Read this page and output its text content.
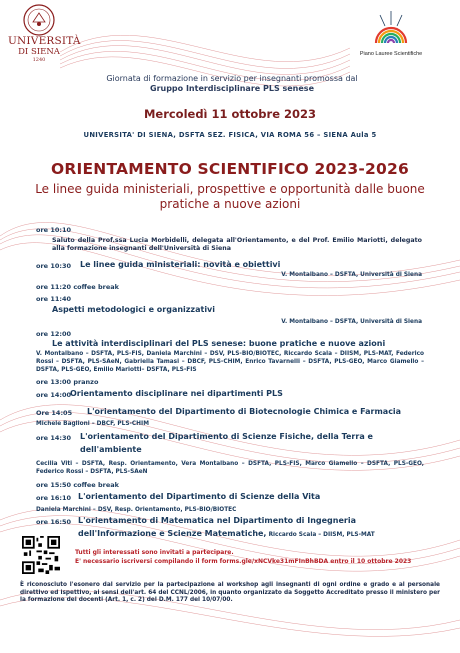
UNIVERSITÀ
DI SIENA
1240
Piano Lauree Scientifiche
Giornata di formazione in servizio per insegnanti promossa dal
Gruppo Interdisciplinare PLS senese
Mercoledì 11 ottobre 2023
UNIVERSITA' DI SIENA, DSFTA SEZ. FISICA, VIA ROMA 56 – SIENA Aula 5
ORIENTAMENTO SCIENTIFICO 2023-2026
Le linee guida ministeriali, prospettive e opportunità dalle buone pratiche a nuove azioni
ore 10:10
Saluto della Prof.ssa Lucia Morbidelli, delegata all'Orientamento, e del Prof. Emilio Mariotti, delegato alla formazione insegnanti dell'Università di Siena
ore 10:30 Le linee guida ministeriali: novità e obiettivi
V. Montalbano – DSFTA, Università di Siena
ore 11:20 coffee break
ore 11:40
Aspetti metodologici e organizzativi
V. Montalbano – DSFTA, Università di Siena
ore 12:00
Le attività interdisciplinari del PLS senese: buone pratiche e nuove azioni
V. Montalbano – DSFTA, PLS-FIS, Daniela Marchini – DSV, PLS-BIO/BIOTEC, Riccardo Scala – DIISM, PLS-MAT, Federico Rossi – DSFTA, PLS-SAeN, Gabriella Tamasi – DBCF, PLS-CHIM, Enrico Tavarnelli – DSFTA, PLS-GEO, Marco Giamello – DSFTA, PLS-GEO, Emilio Mariotti– DSFTA, PLS-FIS
ore 13:00 pranzo
ore 14:00
Orientamento disciplinare nei dipartimenti PLS
Ore 14:05 L'orientamento del Dipartimento di Biotecnologie Chimica e Farmacia
Michele Baglioni – DBCF, PLS-CHIM
ore 14:30 L'orientamento del Dipartimento di Scienze Fisiche, della Terra e
dell'ambiente
Cecilia Viti – DSFTA, Resp. Orientamento, Vera Montalbano – DSFTA, PLS-FIS, Marco Giamello – DSFTA, PLS-GEO, Federico Rossi – DSFTA, PLS-SAeN
ore 15:50 coffee break
ore 16:10 L'orientamento del Dipartimento di Scienze della Vita
Daniela Marchini – DSV, Resp. Orientamento, PLS-BIO/BIOTEC
ore 16:50 L'orientamento di Matematica nel Dipartimento di Ingegneria
dell'Informazione e Scienze Matematiche, Riccardo Scala – DIISM, PLS-MAT
Tutti gli interessati sono invitati a partecipare.
E' necessario iscriversi compilando il form forms.gle/xNCVke31mFInBhBDA entro il 10 ottobre 2023
È riconosciuto l'esonero dal servizio per la partecipazione al workshop agli insegnanti di ogni ordine e grado e al personale direttivo ed ispettivo, ai sensi dell'art. 64 del CCNL/2006, in quanto organizzato da Soggetto Accreditato presso il ministero per la formazione dei docenti (Art. 1, c. 2) del D.M. 177 del 10/07/00.
